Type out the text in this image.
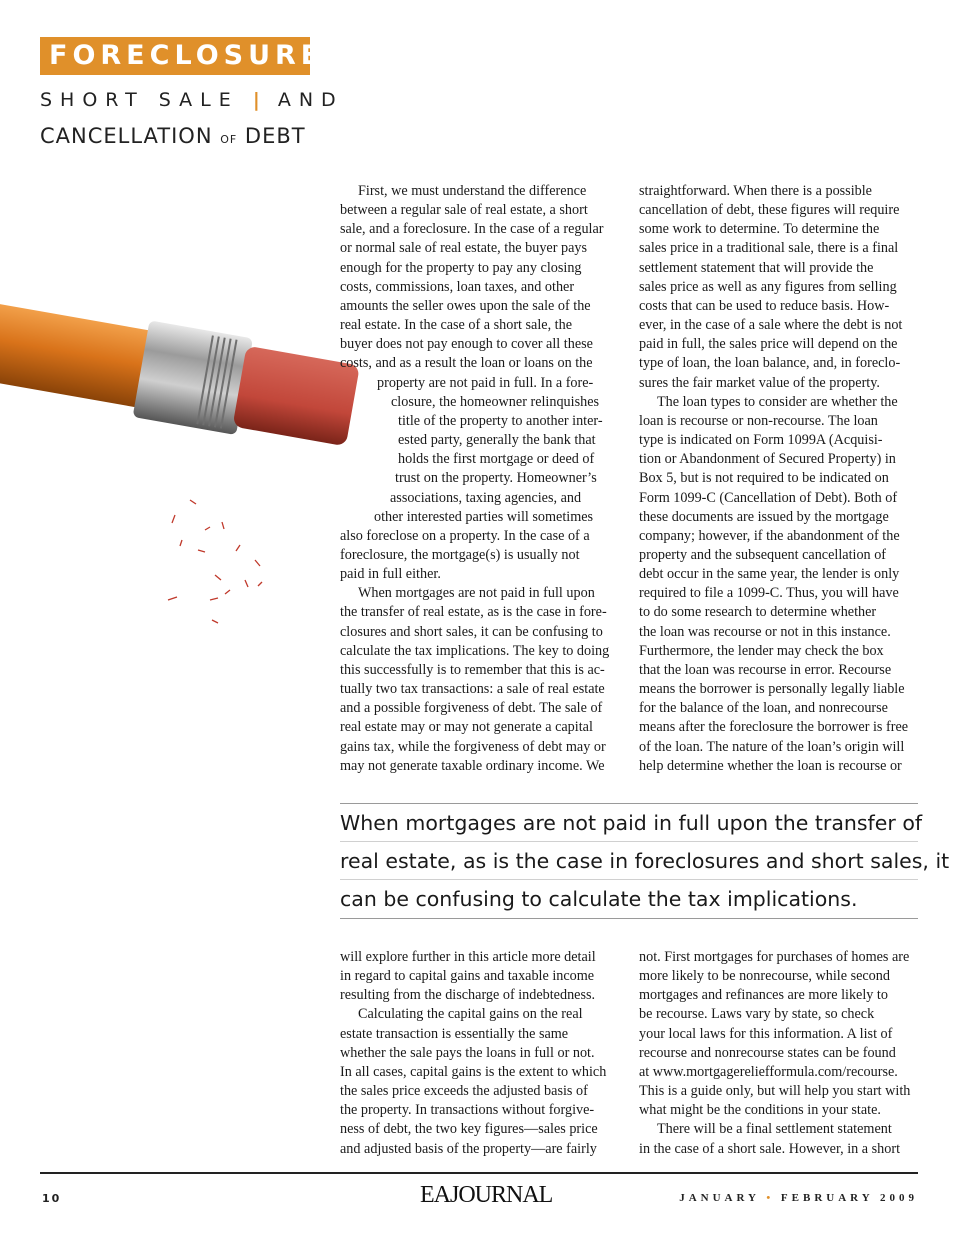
FORECLOSURE,
SHORT SALE | AND
CANCELLATION OF DEBT
First, we must understand the difference
between a regular sale of real estate, a short
sale, and a foreclosure. In the case of a regular
or normal sale of real estate, the buyer pays
enough for the property to pay any closing
costs, commissions, loan taxes, and other
amounts the seller owes upon the sale of the
real estate. In the case of a short sale, the
buyer does not pay enough to cover all these
costs, and as a result the loan or loans on the
property are not paid in full. In a fore-
closure, the homeowner relinquishes
title of the property to another inter-
ested party, generally the bank that
holds the first mortgage or deed of
trust on the property. Homeowner’s
associations, taxing agencies, and
other interested parties will sometimes
also foreclose on a property. In the case of a
foreclosure, the mortgage(s) is usually not
paid in full either.
When mortgages are not paid in full upon
the transfer of real estate, as is the case in fore-
closures and short sales, it can be confusing to
calculate the tax implications. The key to doing
this successfully is to remember that this is ac-
tually two tax transactions: a sale of real estate
and a possible forgiveness of debt. The sale of
real estate may or may not generate a capital
gains tax, while the forgiveness of debt may or
may not generate taxable ordinary income. We
straightforward. When there is a possible
cancellation of debt, these figures will require
some work to determine. To determine the
sales price in a traditional sale, there is a final
settlement statement that will provide the
sales price as well as any figures from selling
costs that can be used to reduce basis. How-
ever, in the case of a sale where the debt is not
paid in full, the sales price will depend on the
type of loan, the loan balance, and, in foreclo-
sures the fair market value of the property.
The loan types to consider are whether the
loan is recourse or non-recourse. The loan
type is indicated on Form 1099A (Acquisi-
tion or Abandonment of Secured Property) in
Box 5, but is not required to be indicated on
Form 1099-C (Cancellation of Debt). Both of
these documents are issued by the mortgage
company; however, if the abandonment of the
property and the subsequent cancellation of
debt occur in the same year, the lender is only
required to file a 1099-C. Thus, you will have
to do some research to determine whether
the loan was recourse or not in this instance.
Furthermore, the lender may check the box
that the loan was recourse in error. Recourse
means the borrower is personally legally liable
for the balance of the loan, and nonrecourse
means after the foreclosure the borrower is free
of the loan. The nature of the loan’s origin will
help determine whether the loan is recourse or
When mortgages are not paid in full upon the transfer of
real estate, as is the case in foreclosures and short sales, it
can be confusing to calculate the tax implications.
will explore further in this article more detail
in regard to capital gains and taxable income
resulting from the discharge of indebtedness.
Calculating the capital gains on the real
estate transaction is essentially the same
whether the sale pays the loans in full or not.
In all cases, capital gains is the extent to which
the sales price exceeds the adjusted basis of
the property. In transactions without forgive-
ness of debt, the two key figures—sales price
and adjusted basis of the property—are fairly
not. First mortgages for purchases of homes are
more likely to be nonrecourse, while second
mortgages and refinances are more likely to
be recourse. Laws vary by state, so check
your local laws for this information. A list of
recourse and nonrecourse states can be found
at www.mortgagereliefformula.com/recourse.
This is a guide only, but will help you start with
what might be the conditions in your state.
There will be a final settlement statement
in the case of a short sale. However, in a short
10	EAJOURNAL	JANUARY • FEBRUARY 2009
